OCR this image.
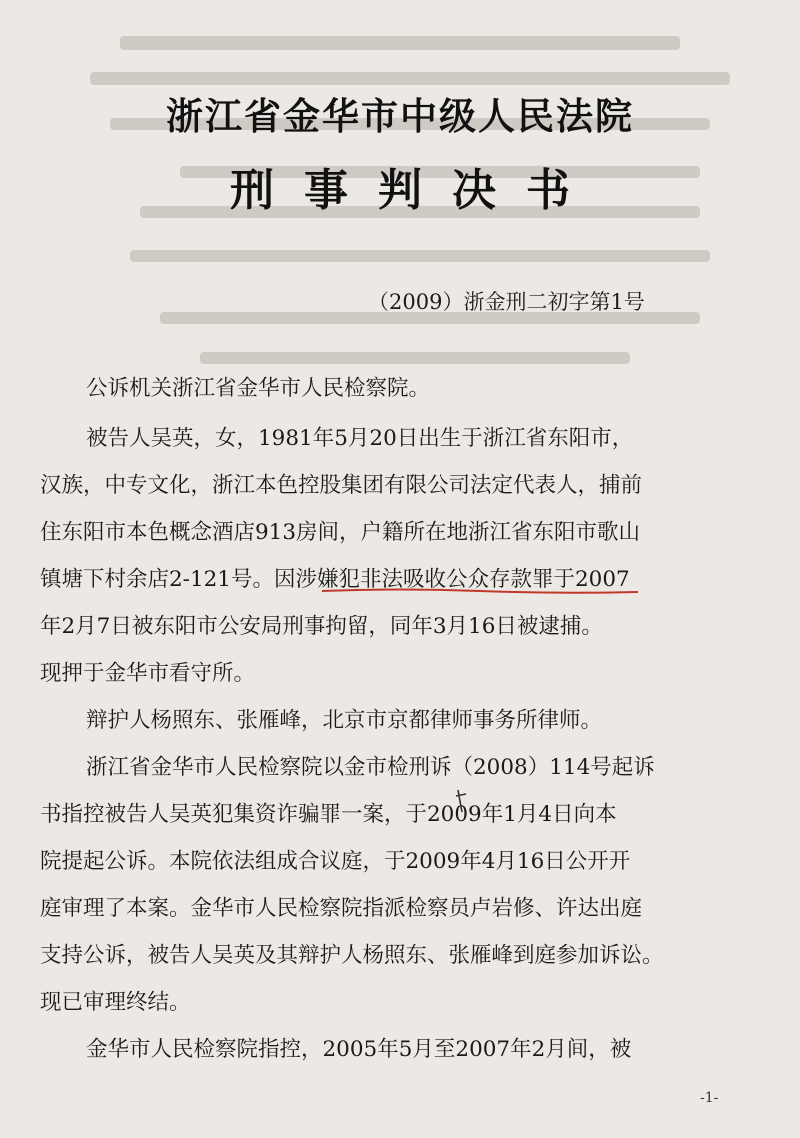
浙江省金华市中级人民法院
刑事判决书
（2009）浙金刑二初字第1号
公诉机关浙江省金华市人民检察院。
被告人吴英，女，1981年5月20日出生于浙江省东阳市，
汉族，中专文化，浙江本色控股集团有限公司法定代表人，捕前
住东阳市本色概念酒店913房间，户籍所在地浙江省东阳市歌山
镇塘下村余店2-121号。因涉嫌犯非法吸收公众存款罪于2007
年2月7日被东阳市公安局刑事拘留，同年3月16日被逮捕。
现押于金华市看守所。
辩护人杨照东、张雁峰，北京市京都律师事务所律师。
浙江省金华市人民检察院以金市检刑诉（2008）114号起诉
书指控被告人吴英犯集资诈骗罪一案，于2009年1月4日向本
院提起公诉。本院依法组成合议庭，于2009年4月16日公开开
庭审理了本案。金华市人民检察院指派检察员卢岩修、许达出庭
支持公诉，被告人吴英及其辩护人杨照东、张雁峰到庭参加诉讼。
现已审理终结。
金华市人民检察院指控，2005年5月至2007年2月间，被
-1-
